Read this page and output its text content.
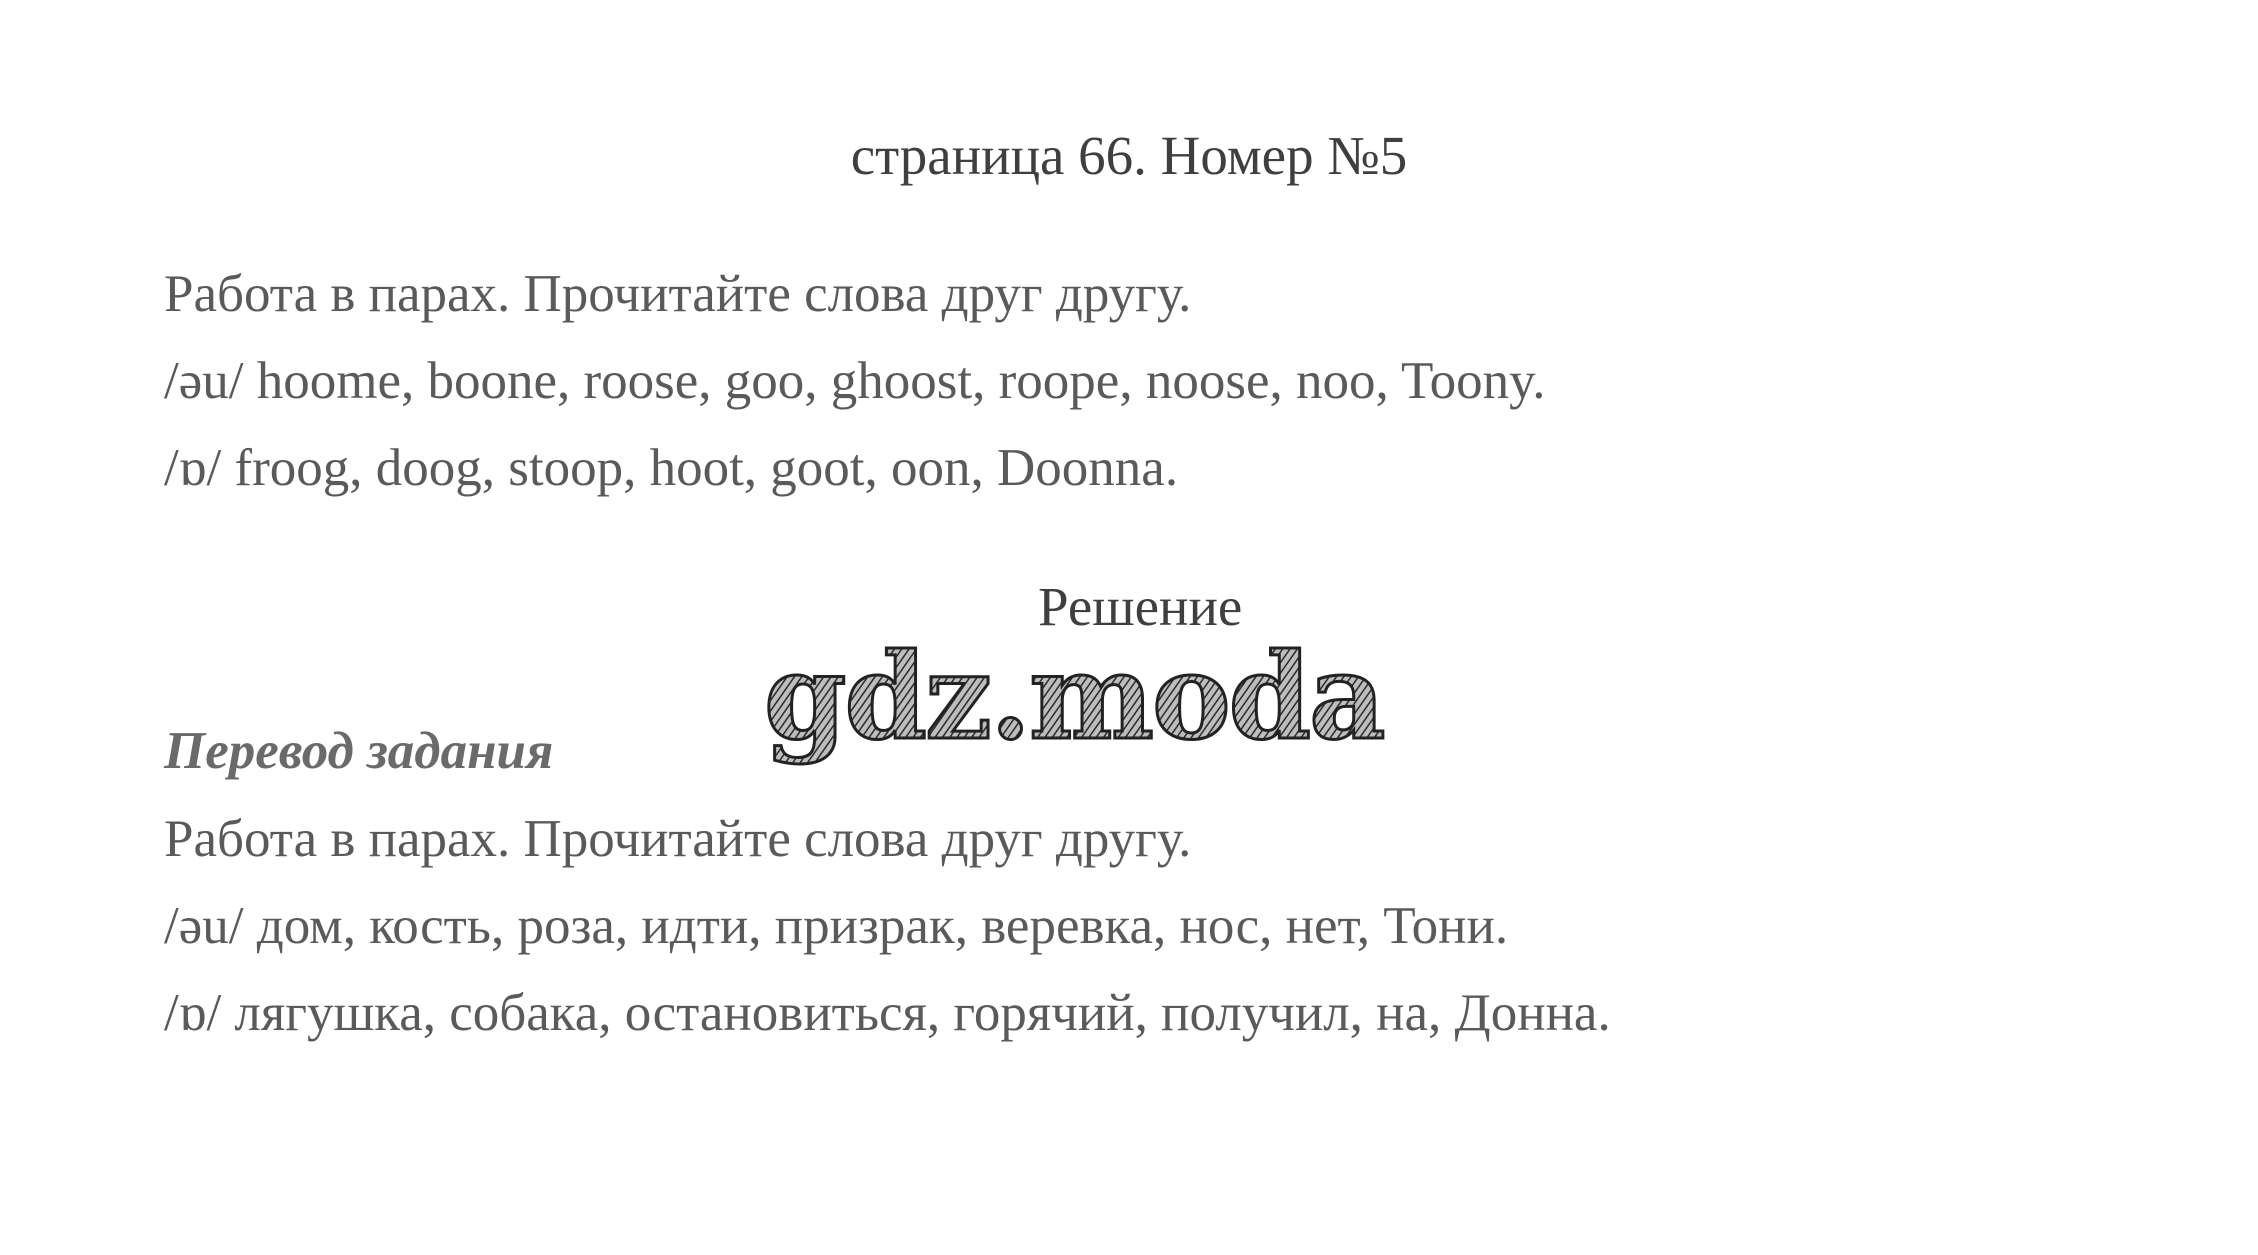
страница 66. Номер №5
Работа в парах. Прочитайте слова друг другу.
/əu/ hoome, boone, roose, goo, ghoost, roope, noose, noo, Toony.
/ɒ/ froog, doog, stoop, hoot, goot, oon, Doonna.
Решение
gdz.moda
Перевод задания
Работа в парах. Прочитайте слова друг другу.
/əu/ дом, кость, роза, идти, призрак, веревка, нос, нет, Тони.
/ɒ/ лягушка, собака, остановиться, горячий, получил, на, Донна.
